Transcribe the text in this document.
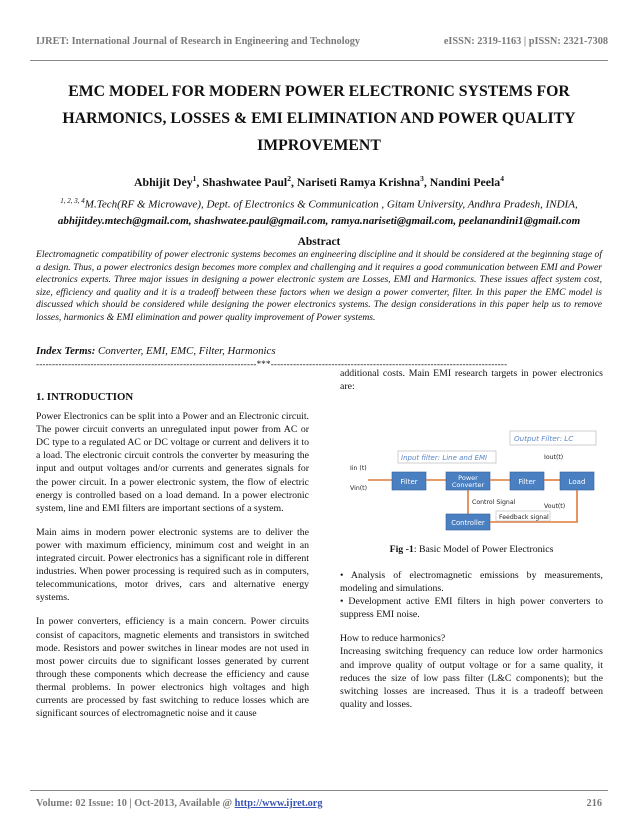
IJRET: International Journal of Research in Engineering and Technology	eISSN: 2319-1163 | pISSN: 2321-7308
EMC MODEL FOR MODERN POWER ELECTRONIC SYSTEMS FOR
HARMONICS, LOSSES & EMI ELIMINATION AND POWER QUALITY
IMPROVEMENT
Abhijit Dey$^1$, Shashwatee Paul$^2$, Nariseti Ramya Krishna$^3$, Nandini Peela$^4$
$^{1, 2, 3, 4}$M.Tech(RF & Microwave), Dept. of Electronics & Communication , Gitam University, Andhra Pradesh, INDIA,
abhijitdey.mtech@gmail.com, shashwatee.paul@gmail.com, ramya.nariseti@gmail.com, peelanandini1@gmail.com
Abstract
Electromagnetic compatibility of power electronic systems becomes an engineering discipline and it should be considered at the beginning stage of a design. Thus, a power electronics design becomes more complex and challenging and it requires a good communication between EMI and Power electronics experts. Three major issues in designing a power electronic system are Losses, EMI and Harmonics. These issues affect system cost, size, efficiency and quality and it is a tradeoff between these factors when we design a power converter, filter. In this paper the EMC model is discussed which should be considered while designing the power electronics systems. The design considerations in this paper help us to remove losses, harmonics & EMI elimination and power quality improvement of Power systems.
Index Terms: Converter, EMI, EMC, Filter, Harmonics
---------------------------------------------------------------------***--------------------------------------------------------------------------
1. INTRODUCTION

Power Electronics can be split into a Power and an Electronic circuit. The power circuit converts an unregulated input power from AC or DC type to a regulated AC or DC voltage or current and delivers it to a load. The electronic circuit controls the converter by measuring the input and output voltages and/or currents and generates signals for the power circuit. In a power electronic system, the flow of electric energy is controlled based on a load demand. In a power electronic system, line and EMI filters are important sections of a system.

Main aims in modern power electronic systems are to deliver the power with maximum efficiency, minimum cost and weight in an integrated circuit. Power electronics has a significant role in different industries. When power processing is required such as in computers, telecommunications, motor drives, cars and alternative energy systems.

In power converters, efficiency is a main concern. Power circuits consist of capacitors, magnetic elements and transistors in switched mode. Resistors and power switches in linear modes are not used in most power circuits due to significant losses generated by current through these components which decrease the efficiency and cause thermal problems. In power electronics high voltages and high currents are processed by fast switching to reduce losses which are significant sources of electromagnetic noise and it cause

additional costs. Main EMI research targets in power electronics are:

Output Filter: LC
Input filter: Line and EMI
Iin (t)
Vin(t)
Iout(t)
Vout(t)
Filter	Power
Converter	Filter	Load
Control Signal
Controller
Feedback signal
Fig -1: Basic Model of Power Electronics
• Analysis of electromagnetic emissions by measurements, modeling and simulations.

• Development active EMI filters in high power converters to suppress EMI noise.

How to reduce harmonics?

Increasing switching frequency can reduce low order harmonics and improve quality of output voltage or for a same quality, it reduces the size of low pass filter (L&C components); but the switching losses are increased. Thus it is a tradeoff between quality and losses.

Volume: 02 Issue: 10 | Oct-2013, Available @ http://www.ijret.org	216
